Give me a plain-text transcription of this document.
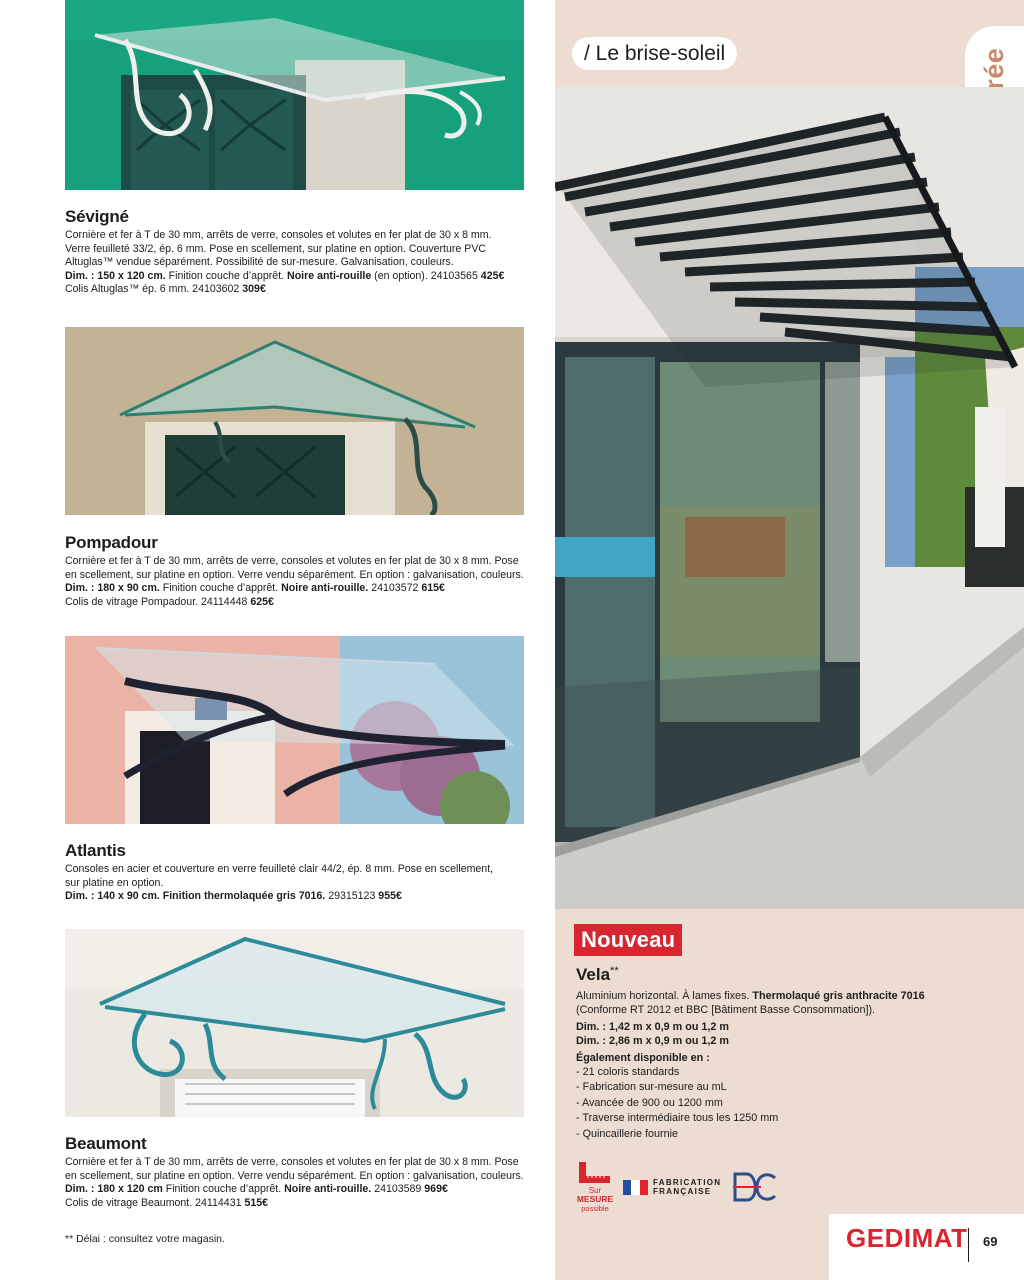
Sévigné

Cornière et fer à T de 30 mm, arrêts de verre, consoles et volutes en fer plat de 30 x 8 mm.
Verre feuilleté 33/2, ép. 6 mm. Pose en scellement, sur platine en option. Couverture PVC
Altuglas™ vendue séparément. Possibilité de sur-mesure. Galvanisation, couleurs.
Dim. : 150 x 120 cm. Finition couche d’apprêt. Noire anti-rouille (en option). 24103565 425€
Colis Altuglas™ ép. 6 mm. 24103602 309€

Pompadour

Cornière et fer à T de 30 mm, arrêts de verre, consoles et volutes en fer plat de 30 x 8 mm. Pose
en scellement, sur platine en option. Verre vendu séparément. En option : galvanisation, couleurs.
Dim. : 180 x 90 cm. Finition couche d’apprêt. Noire anti-rouille. 24103572 615€
Colis de vitrage Pompadour. 24114448 625€

Atlantis

Consoles en acier et couverture en verre feuilleté clair 44/2, ép. 8 mm. Pose en scellement,
sur platine en option.
Dim. : 140 x 90 cm. Finition thermolaquée gris 7016. 29315123 955€

Beaumont

Cornière et fer à T de 30 mm, arrêts de verre, consoles et volutes en fer plat de 30 x 8 mm. Pose
en scellement, sur platine en option. Verre vendu séparément. En option : galvanisation, couleurs.
Dim. : 180 x 120 cm Finition couche d’apprêt. Noire anti-rouille. 24103589 969€
Colis de vitrage Beaumont. 24114431 515€

** Délai : consultez votre magasin.
/ Le brise-soleil
Nouveau
Vela**

Aluminium horizontal. À lames fixes. Thermolaqué gris anthracite 7016
(Conforme RT 2012 et BBC [Bâtiment Basse Consommation]).

Dim. : 1,42 m x 0,9 m ou 1,2 m
Dim. : 2,86 m x 0,9 m ou 1,2 m

Également disponible en :

- 21 coloris standards
- Fabrication sur-mesure au mL
- Avancée de 900 ou 1200 mm
- Traverse intermédiaire tous les 1250 mm
- Quincaillerie fournie
Sur
MESURE
possible
FABRICATION
FRANÇAISE
GEDIMAT 69
